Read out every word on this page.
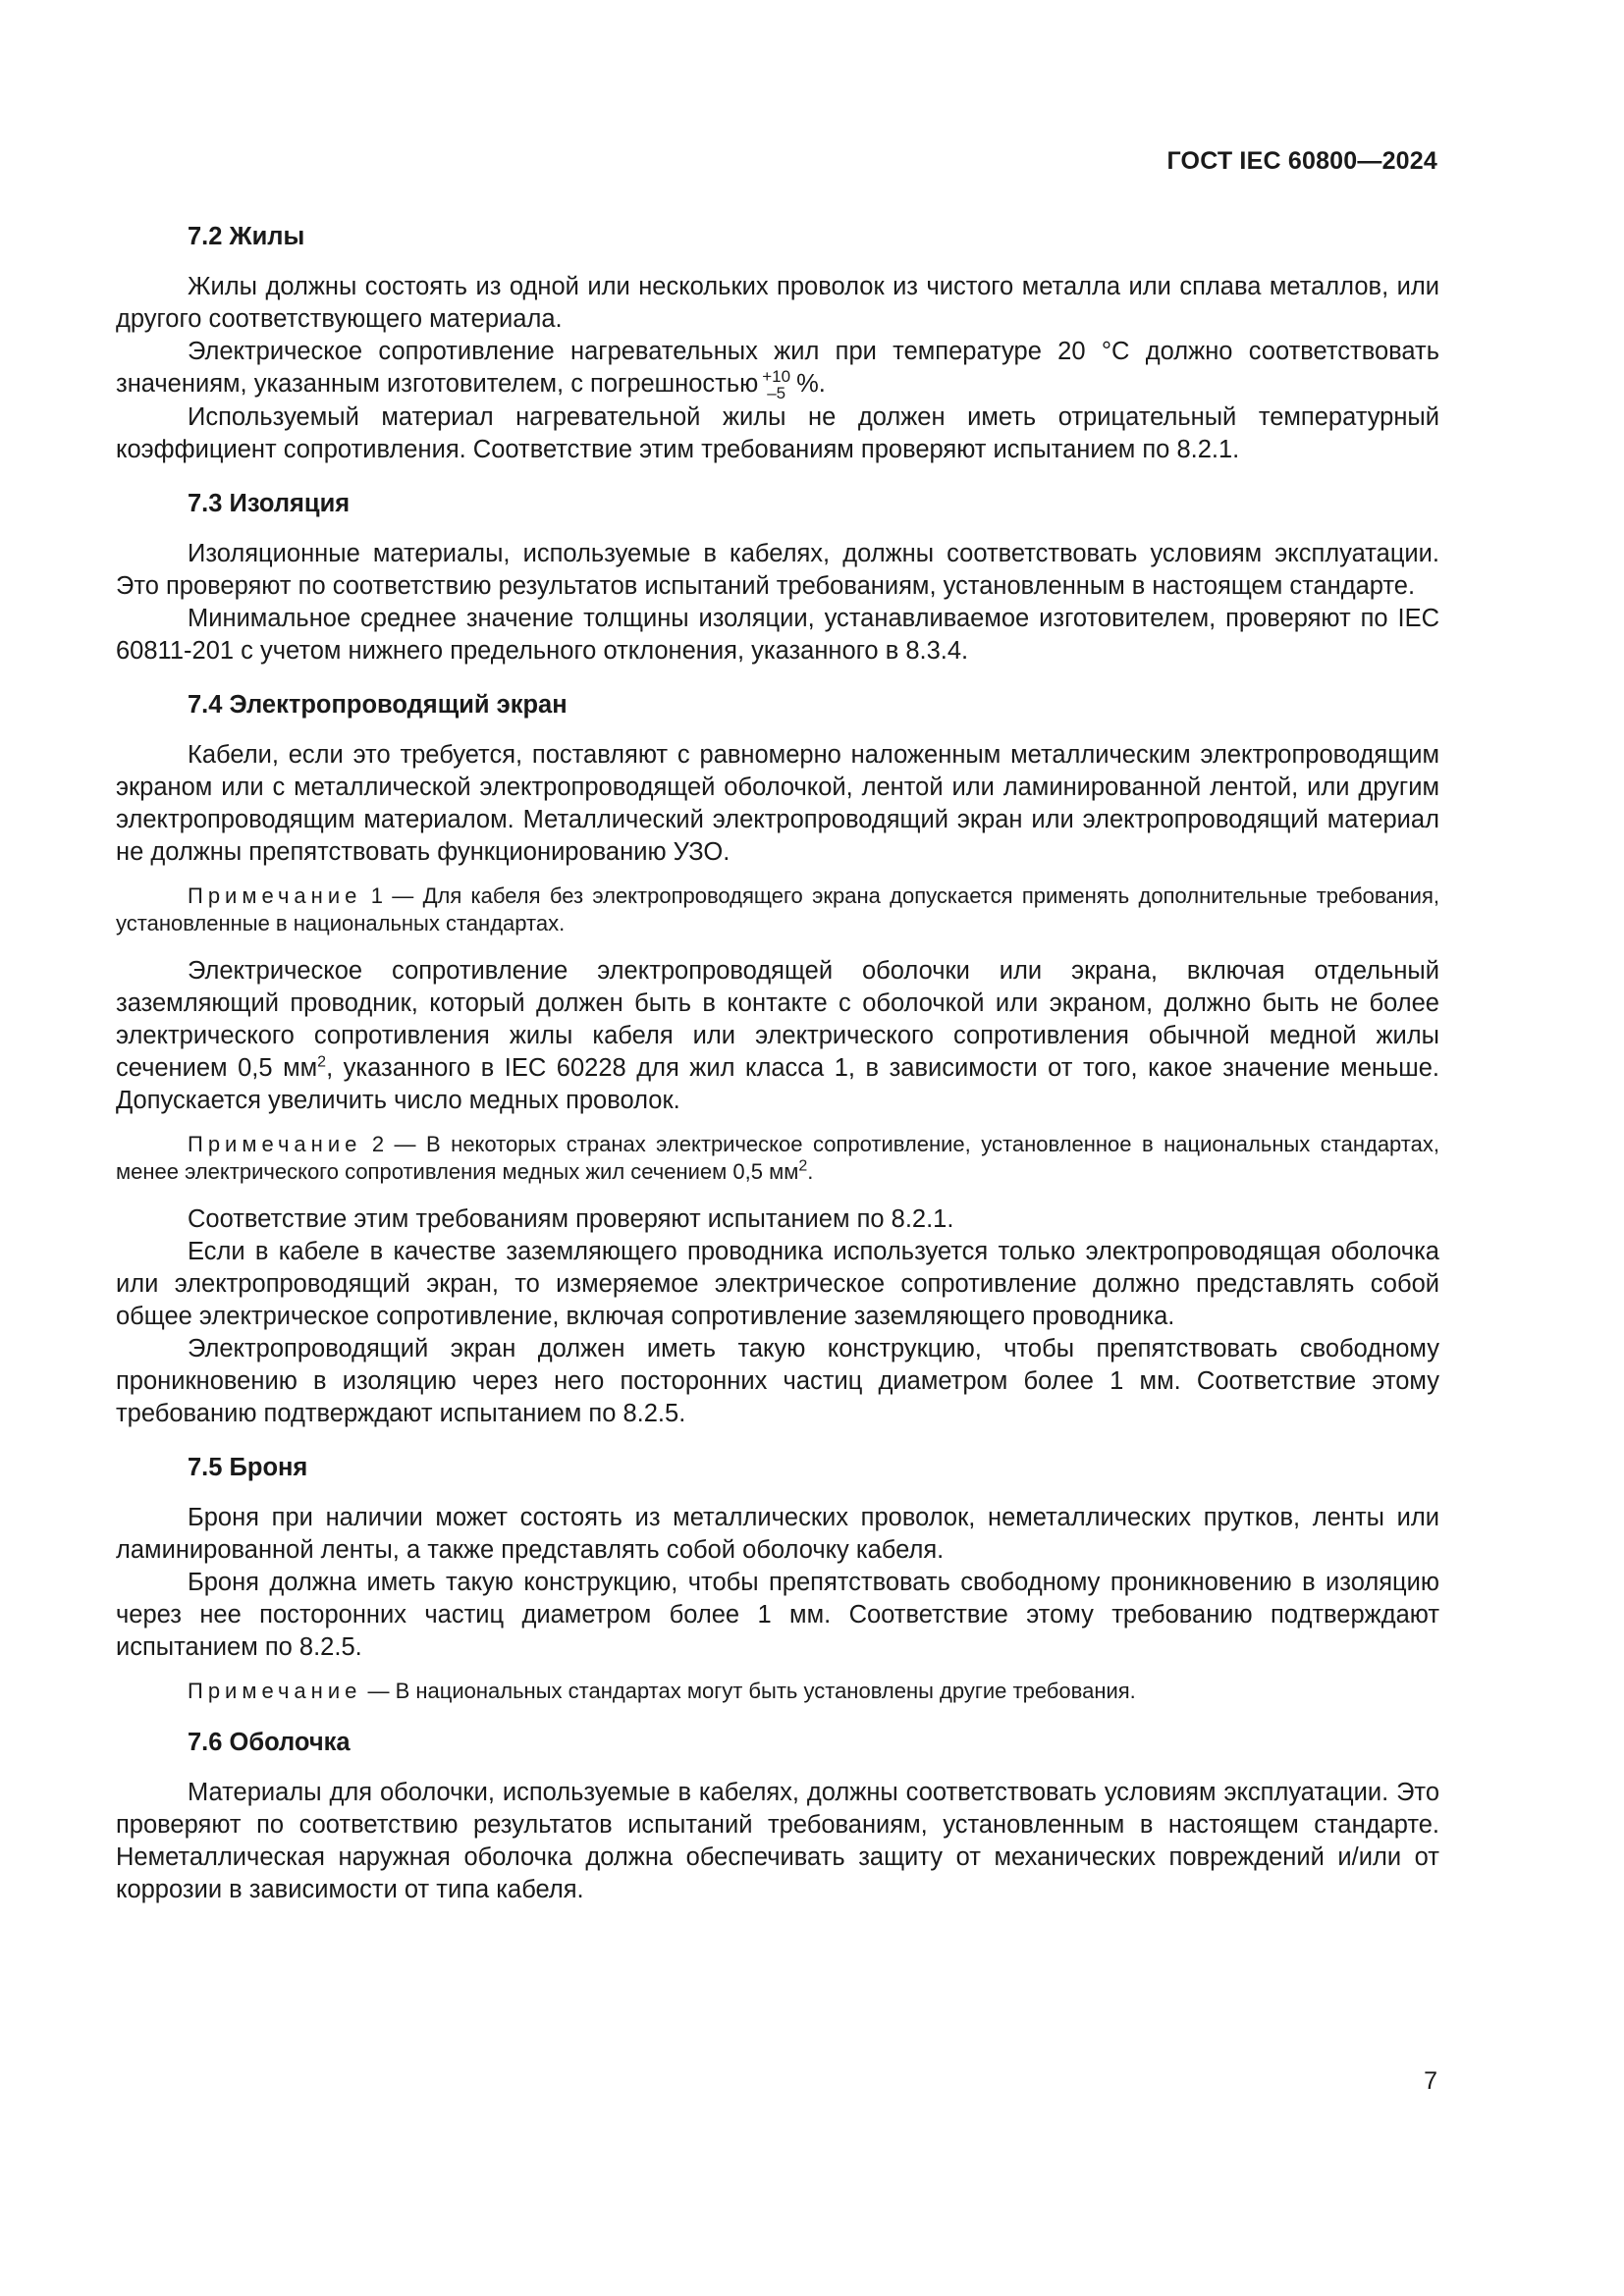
ГОСТ IEC 60800—2024
7.2 Жилы

Жилы должны состоять из одной или нескольких проволок из чистого металла или сплава металлов, или другого соответствующего материала.

Электрическое сопротивление нагревательных жил при температуре 20 °C должно соответствовать значениям, указанным изготовителем, с погрешностью +10
–5 %.

Используемый материал нагревательной жилы не должен иметь отрицательный температурный коэффициент сопротивления. Соответствие этим требованиям проверяют испытанием по 8.2.1.

7.3 Изоляция

Изоляционные материалы, используемые в кабелях, должны соответствовать условиям эксплуатации. Это проверяют по соответствию результатов испытаний требованиям, установленным в настоящем стандарте.

Минимальное среднее значение толщины изоляции, устанавливаемое изготовителем, проверяют по IEC 60811-201 с учетом нижнего предельного отклонения, указанного в 8.3.4.

7.4 Электропроводящий экран

Кабели, если это требуется, поставляют с равномерно наложенным металлическим электропроводящим экраном или с металлической электропроводящей оболочкой, лентой или ламинированной лентой, или другим электропроводящим материалом. Металлический электропроводящий экран или электропроводящий материал не должны препятствовать функционированию УЗО.

Примечание 1 — Для кабеля без электропроводящего экрана допускается применять дополнительные требования, установленные в национальных стандартах.

Электрическое сопротивление электропроводящей оболочки или экрана, включая отдельный заземляющий проводник, который должен быть в контакте с оболочкой или экраном, должно быть не более электрического сопротивления жилы кабеля или электрического сопротивления обычной медной жилы сечением 0,5 $мм^2$, указанного в IEC 60228 для жил класса 1, в зависимости от того, какое значение меньше. Допускается увеличить число медных проволок.

Примечание 2 — В некоторых странах электрическое сопротивление, установленное в национальных стандартах, менее электрического сопротивления медных жил сечением 0,5 $мм^2$.

Соответствие этим требованиям проверяют испытанием по 8.2.1.

Если в кабеле в качестве заземляющего проводника используется только электропроводящая оболочка или электропроводящий экран, то измеряемое электрическое сопротивление должно представлять собой общее электрическое сопротивление, включая сопротивление заземляющего проводника.

Электропроводящий экран должен иметь такую конструкцию, чтобы препятствовать свободному проникновению в изоляцию через него посторонних частиц диаметром более 1 мм. Соответствие этому требованию подтверждают испытанием по 8.2.5.

7.5 Броня

Броня при наличии может состоять из металлических проволок, неметаллических прутков, ленты или ламинированной ленты, а также представлять собой оболочку кабеля.

Броня должна иметь такую конструкцию, чтобы препятствовать свободному проникновению в изоляцию через нее посторонних частиц диаметром более 1 мм. Соответствие этому требованию подтверждают испытанием по 8.2.5.

Примечание — В национальных стандартах могут быть установлены другие требования.
7.6 Оболочка

Материалы для оболочки, используемые в кабелях, должны соответствовать условиям эксплуатации. Это проверяют по соответствию результатов испытаний требованиям, установленным в настоящем стандарте. Неметаллическая наружная оболочка должна обеспечивать защиту от механических повреждений и/или от коррозии в зависимости от типа кабеля.

7
